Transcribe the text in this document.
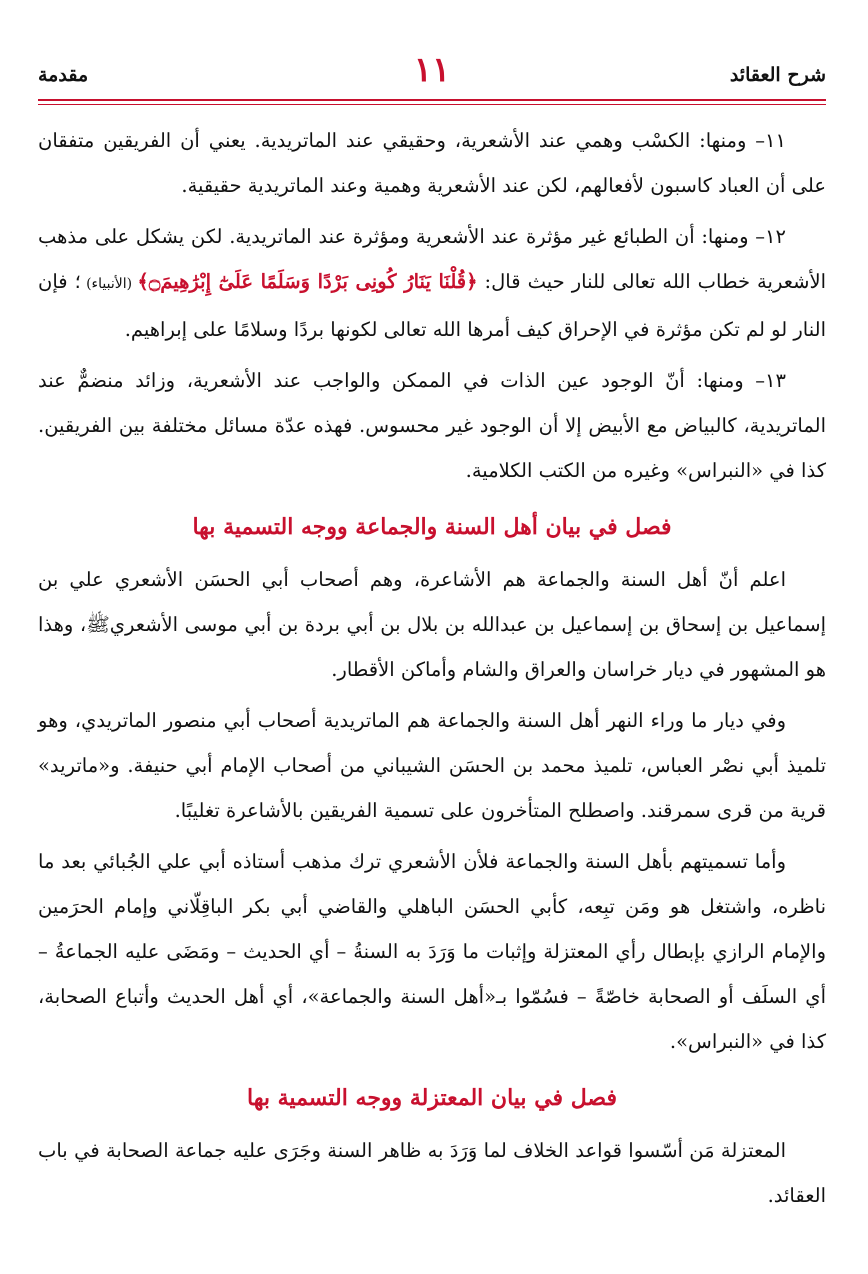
شرح العقائد
١١
مقدمة

١١– ومنها: الكسْب وهمي عند الأشعرية، وحقيقي عند الماتريدية. يعني أن الفريقين متفقان على أن العباد كاسبون لأفعالهم، لكن عند الأشعرية وهمية وعند الماتريدية حقيقية.

١٢– ومنها: أن الطبائع غير مؤثرة عند الأشعرية ومؤثرة عند الماتريدية. لكن يشكل على مذهب الأشعرية خطاب الله تعالى للنار حيث قال: ﴿قُلْنَا يَنَارُ كُونِى بَرْدًا وَسَلَمًا عَلَىٰٓ إِبْرَٰهِيمَ۝﴾ (الأنبياء) ؛ فإن النار لو لم تكن مؤثرة في الإحراق كيف أمرها الله تعالى لكونها بردًا وسلامًا على إبراهيم.

١٣– ومنها: أنّ الوجود عين الذات في الممكن والواجب عند الأشعرية، وزائد منضمٌّ عند الماتريدية، كالبياض مع الأبيض إلا أن الوجود غير محسوس. فهذه عدّة مسائل مختلفة بين الفريقين. كذا في «النبراس» وغيره من الكتب الكلامية.

فصل في بيان أهل السنة والجماعة ووجه التسمية بها

اعلم أنّ أهل السنة والجماعة هم الأشاعرة، وهم أصحاب أبي الحسَن الأشعري علي بن إسماعيل بن إسحاق بن إسماعيل بن عبدالله بن بلال بن أبي بردة بن أبي موسى الأشعريﷺ، وهذا هو المشهور في ديار خراسان والعراق والشام وأماكن الأقطار.

وفي ديار ما وراء النهر أهل السنة والجماعة هم الماتريدية أصحاب أبي منصور الماتريدي، وهو تلميذ أبي نصْر العباس، تلميذ محمد بن الحسَن الشيباني من أصحاب الإمام أبي حنيفة. و«ماتريد» قرية من قرى سمرقند. واصطلح المتأخرون على تسمية الفريقين بالأشاعرة تغليبًا.

وأما تسميتهم بأهل السنة والجماعة فلأن الأشعري ترك مذهب أستاذه أبي علي الجُبائي بعد ما ناظره، واشتغل هو ومَن تبِعه، كأبي الحسَن الباهلي والقاضي أبي بكر الباقِلّاني وإمام الحرَمين والإمام الرازي بإبطال رأي المعتزلة وإثبات ما وَرَدَ به السنةُ – أي الحديث – ومَضَى عليه الجماعةُ – أي السلَف أو الصحابة خاصّةً – فسُمّوا بـ«أهل السنة والجماعة»، أي أهل الحديث وأتباع الصحابة، كذا في «النبراس».

فصل في بيان المعتزلة ووجه التسمية بها

المعتزلة مَن أسّسوا قواعد الخلاف لما وَرَدَ به ظاهر السنة وجَرَى عليه جماعة الصحابة في باب العقائد.
